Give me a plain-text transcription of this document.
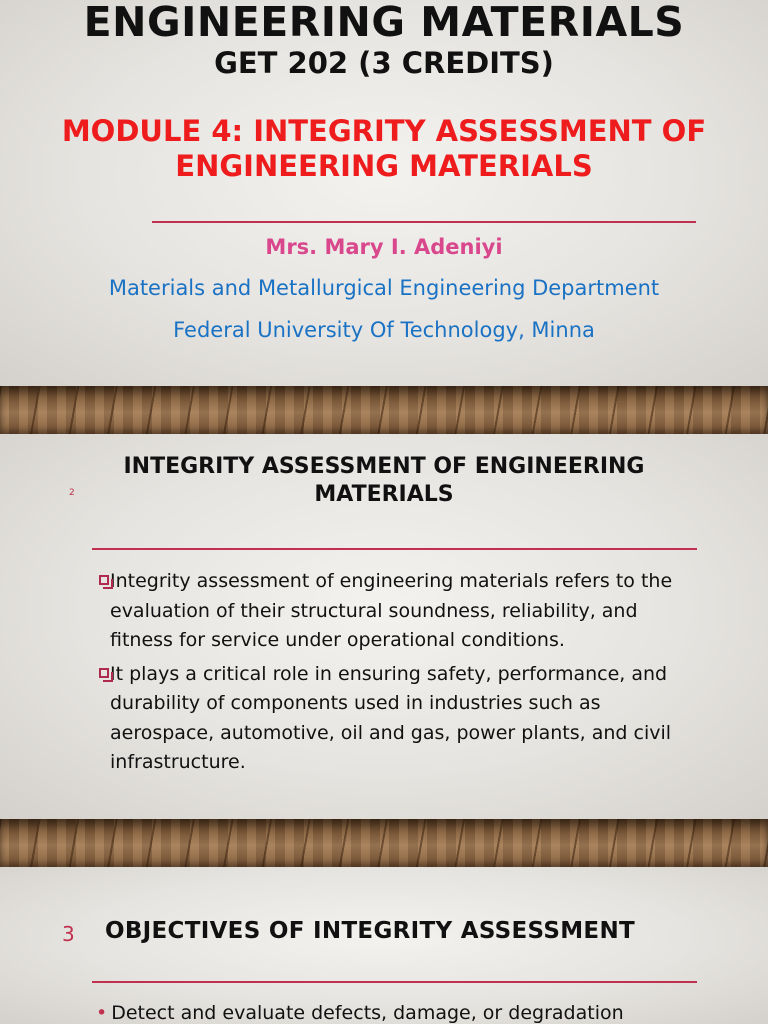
ENGINEERING MATERIALS
GET 202 (3 CREDITS)
MODULE 4: INTEGRITY ASSESSMENT OF
ENGINEERING MATERIALS
Mrs. Mary I. Adeniyi
Materials and Metallurgical Engineering Department
Federal University Of Technology, Minna
INTEGRITY ASSESSMENT OF ENGINEERING
MATERIALS
2
Integrity assessment of engineering materials refers to the evaluation of their structural soundness, reliability, and fitness for service under operational conditions.
It plays a critical role in ensuring safety, performance, and durability of components used in industries such as aerospace, automotive, oil and gas, power plants, and civil infrastructure.
3 OBJECTIVES OF INTEGRITY ASSESSMENT
• Detect and evaluate defects, damage, or degradation
